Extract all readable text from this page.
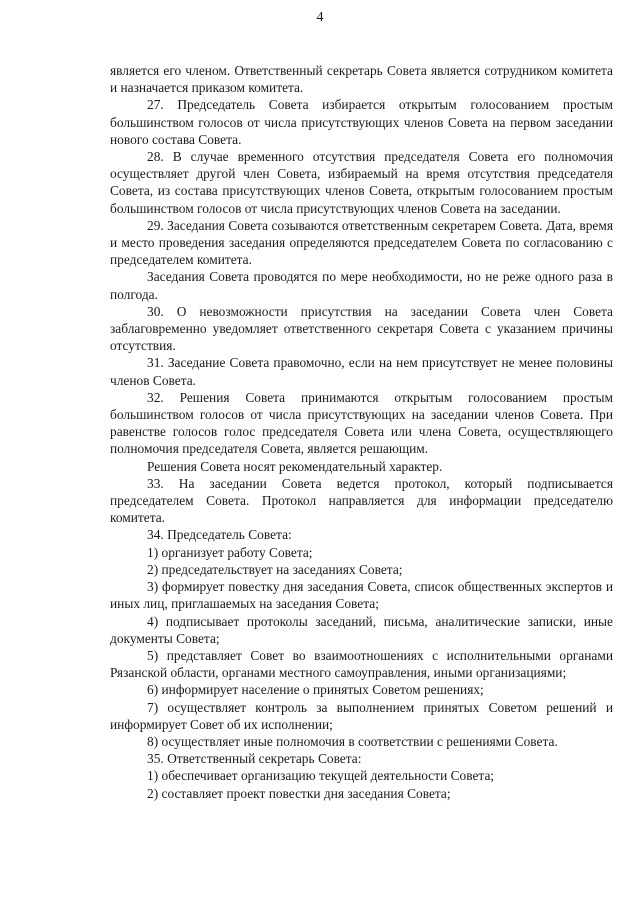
4

является его членом. Ответственный секретарь Совета является сотрудником комитета и назначается приказом комитета.

27. Председатель Совета избирается открытым голосованием простым большинством голосов от числа присутствующих членов Совета на первом заседании нового состава Совета.

28. В случае временного отсутствия председателя Совета его полномочия осуществляет другой член Совета, избираемый на время отсутствия председателя Совета, из состава присутствующих членов Совета, открытым голосованием простым большинством голосов от числа присутствующих членов Совета на заседании.

29. Заседания Совета созываются ответственным секретарем Совета. Дата, время и место проведения заседания определяются председателем Совета по согласованию с председателем комитета.

Заседания Совета проводятся по мере необходимости, но не реже одного раза в полгода.

30. О невозможности присутствия на заседании Совета член Совета заблаговременно уведомляет ответственного секретаря Совета с указанием причины отсутствия.

31. Заседание Совета правомочно, если на нем присутствует не менее половины членов Совета.

32. Решения Совета принимаются открытым голосованием простым большинством голосов от числа присутствующих на заседании членов Совета. При равенстве голосов голос председателя Совета или члена Совета, осуществляющего полномочия председателя Совета, является решающим.

Решения Совета носят рекомендательный характер.

33. На заседании Совета ведется протокол, который подписывается председателем Совета. Протокол направляется для информации председателю комитета.

34. Председатель Совета:

1) организует работу Совета;

2) председательствует на заседаниях Совета;

3) формирует повестку дня заседания Совета, список общественных экспертов и иных лиц, приглашаемых на заседания Совета;

4) подписывает протоколы заседаний, письма, аналитические записки, иные документы Совета;

5) представляет Совет во взаимоотношениях с исполнительными органами Рязанской области, органами местного самоуправления, иными организациями;

6) информирует население о принятых Советом решениях;

7) осуществляет контроль за выполнением принятых Советом решений и информирует Совет об их исполнении;

8) осуществляет иные полномочия в соответствии с решениями Совета.

35. Ответственный секретарь Совета:

1) обеспечивает организацию текущей деятельности Совета;

2) составляет проект повестки дня заседания Совета;
